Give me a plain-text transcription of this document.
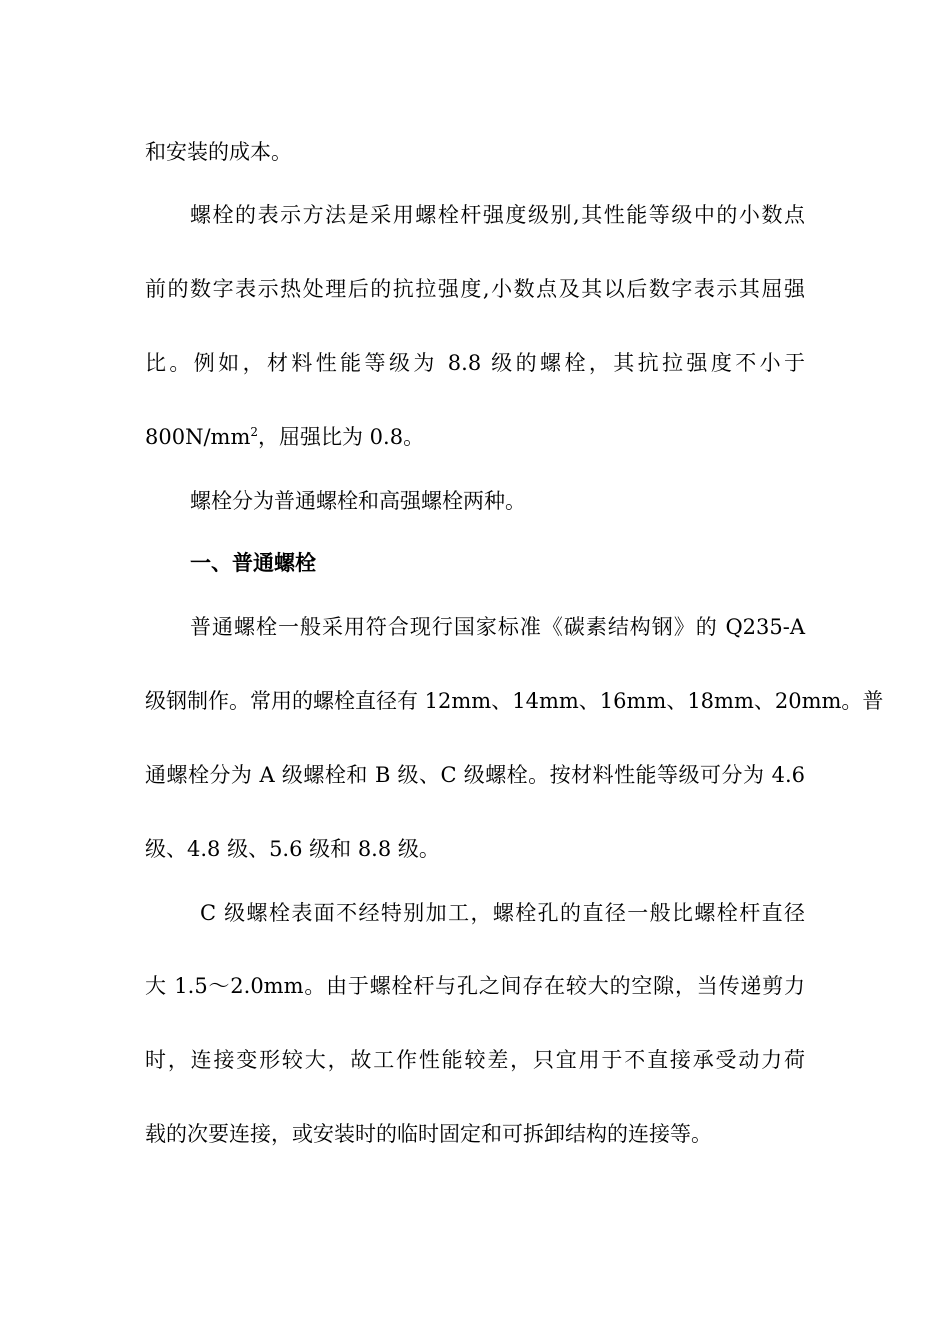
和安装的成本。
螺栓的表示方法是采用螺栓杆强度级别,其性能等级中的小数点
前的数字表示热处理后的抗拉强度,小数点及其以后数字表示其屈强
比。例如，材料性能等级为 8.8 级的螺栓，其抗拉强度不小于
$800N/mm^2$，屈强比为 0.8。
螺栓分为普通螺栓和高强螺栓两种。
一、普通螺栓
普通螺栓一般采用符合现行国家标准《碳素结构钢》的 Q235-A
级钢制作。常用的螺栓直径有 12mm、14mm、16mm、18mm、20mm。普
通螺栓分为 A 级螺栓和 B 级、C 级螺栓。按材料性能等级可分为 4.6
级、4.8 级、5.6 级和 8.8 级。
C 级螺栓表面不经特别加工，螺栓孔的直径一般比螺栓杆直径
大 1.5～2.0mm。由于螺栓杆与孔之间存在较大的空隙，当传递剪力
时，连接变形较大，故工作性能较差，只宜用于不直接承受动力荷
载的次要连接，或安装时的临时固定和可拆卸结构的连接等。
